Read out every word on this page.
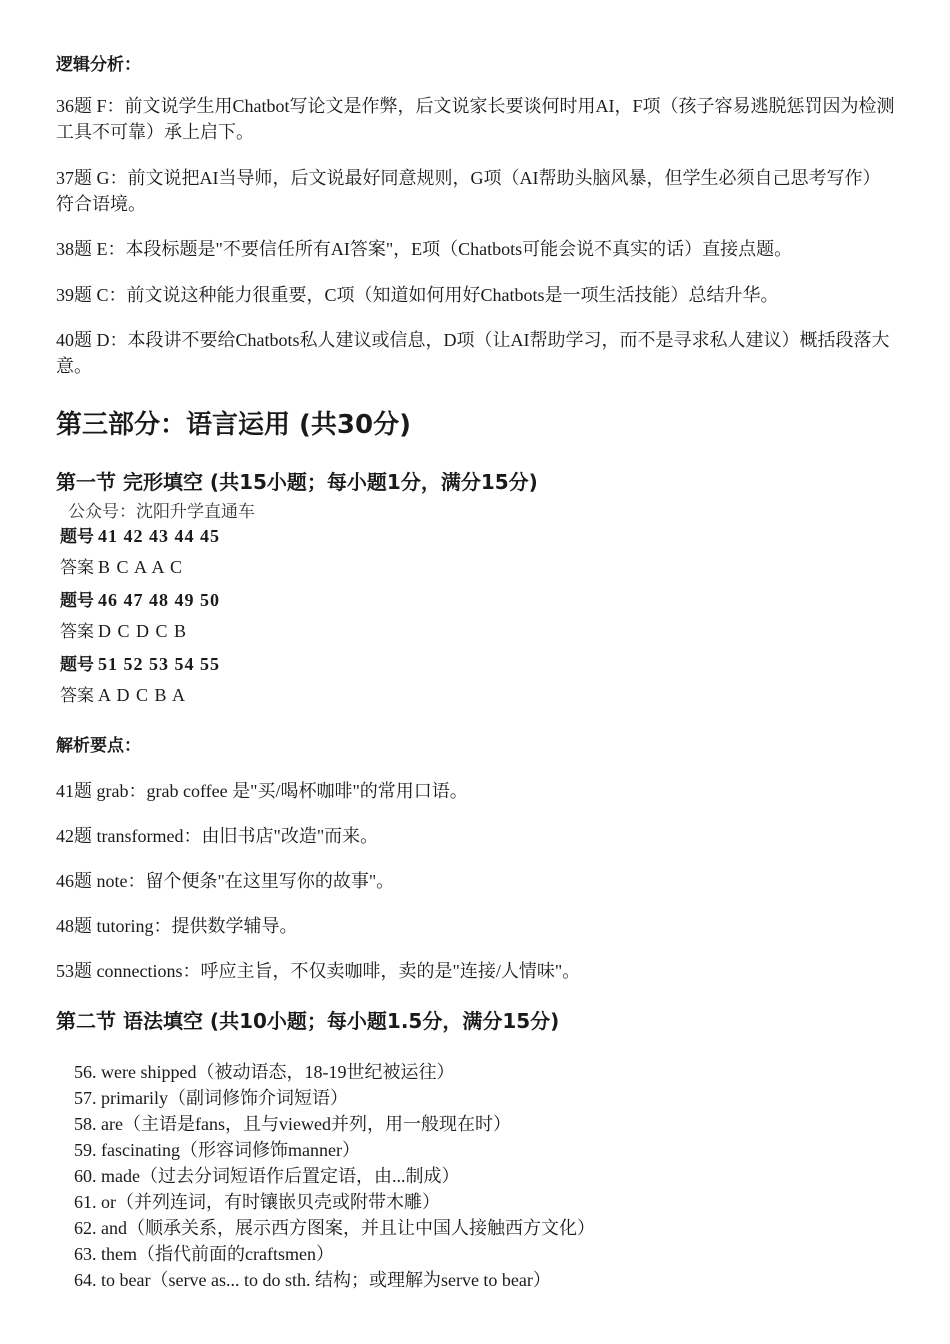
逻辑分析：
36题 F：前文说学生用Chatbot写论文是作弊，后文说家长要谈何时用AI，F项（孩子容易逃脱惩罚因为检测工具不可靠）承上启下。
37题 G：前文说把AI当导师，后文说最好同意规则，G项（AI帮助头脑风暴，但学生必须自己思考写作）符合语境。
38题 E：本段标题是"不要信任所有AI答案"，E项（Chatbots可能会说不真实的话）直接点题。
39题 C：前文说这种能力很重要，C项（知道如何用好Chatbots是一项生活技能）总结升华。
40题 D：本段讲不要给Chatbots私人建议或信息，D项（让AI帮助学习，而不是寻求私人建议）概括段落大意。
第三部分：语言运用 (共30分)
第一节 完形填空 (共15小题；每小题1分，满分15分)
公众号：沈阳升学直通车
题号 41 42 43 44 45
答案 B C A A C
题号 46 47 48 49 50
答案 D C D C B
题号 51 52 53 54 55
答案 A D C B A
解析要点：
41题 grab：grab coffee 是"买/喝杯咖啡"的常用口语。
42题 transformed：由旧书店"改造"而来。
46题 note：留个便条"在这里写你的故事"。
48题 tutoring：提供数学辅导。
53题 connections：呼应主旨，不仅卖咖啡，卖的是"连接/人情味"。
第二节 语法填空 (共10小题；每小题1.5分，满分15分)
56. were shipped（被动语态，18-19世纪被运往）
57. primarily（副词修饰介词短语）
58. are（主语是fans，且与viewed并列，用一般现在时）
59. fascinating（形容词修饰manner）
60. made（过去分词短语作后置定语，由...制成）
61. or（并列连词，有时镶嵌贝壳或附带木雕）
62. and（顺承关系，展示西方图案，并且让中国人接触西方文化）
63. them（指代前面的craftsmen）
64. to bear（serve as... to do sth. 结构；或理解为serve to bear）
